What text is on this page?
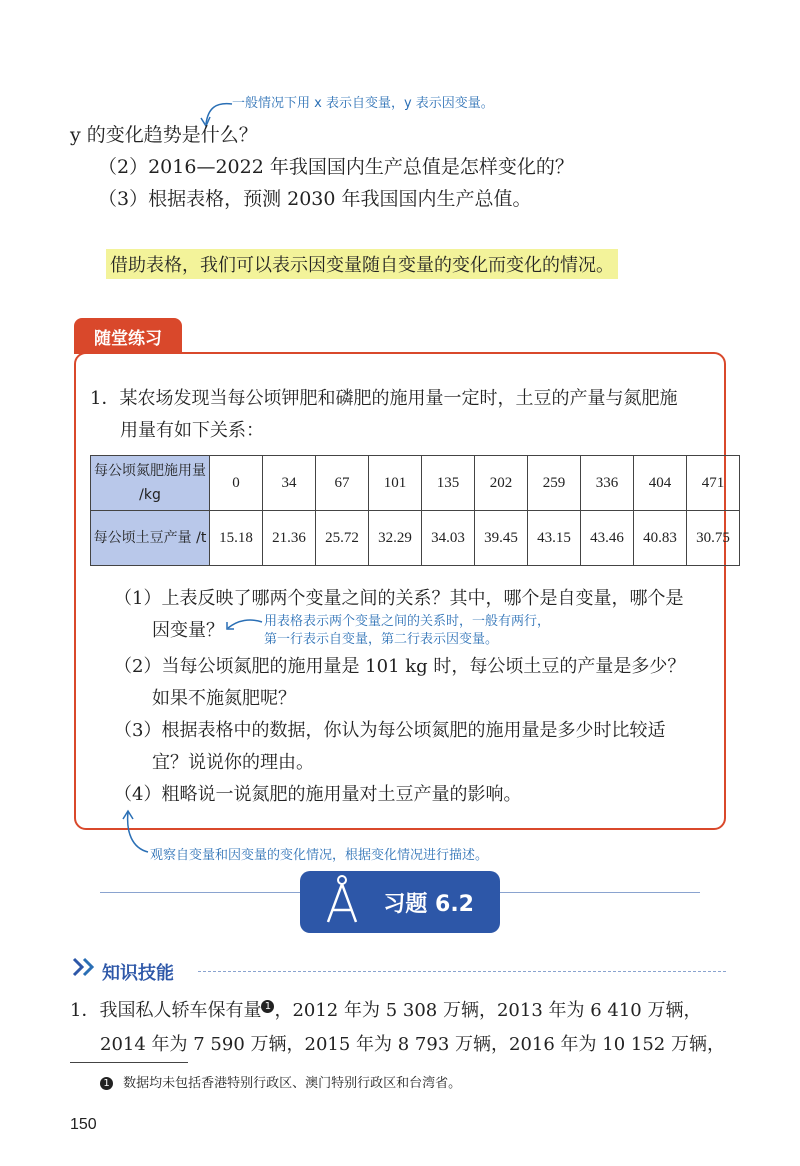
一般情况下用 x 表示自变量，y 表示因变量。
y 的变化趋势是什么？
（2）2016—2022 年我国国内生产总值是怎样变化的？
（3）根据表格，预测 2030 年我国国内生产总值。
借助表格，我们可以表示因变量随自变量的变化而变化的情况。
随堂练习
1．某农场发现当每公顷钾肥和磷肥的施用量一定时，土豆的产量与氮肥施
用量有如下关系：
每公顷氮肥施用量 /kg	0	34	67	101	135	202	259	336	404	471
每公顷土豆产量 /t	15.18	21.36	25.72	32.29	34.03	39.45	43.15	43.46	40.83	30.75
（1）上表反映了哪两个变量之间的关系？其中，哪个是自变量，哪个是
因变量？	用表格表示两个变量之间的关系时，一般有两行，
第一行表示自变量，第二行表示因变量。
（2）当每公顷氮肥的施用量是 101 kg 时，每公顷土豆的产量是多少？
如果不施氮肥呢？
（3）根据表格中的数据，你认为每公顷氮肥的施用量是多少时比较适
宜？说说你的理由。
（4）粗略说一说氮肥的施用量对土豆产量的影响。
观察自变量和因变量的变化情况，根据变化情况进行描述。
习题 6.2
知识技能
1．我国私人轿车保有量 1 ，2012 年为 5 308 万辆，2013 年为 6 410 万辆，
2014 年为 7 590 万辆，2015 年为 8 793 万辆，2016 年为 10 152 万辆，
1 数据均未包括香港特别行政区、澳门特别行政区和台湾省。
150
